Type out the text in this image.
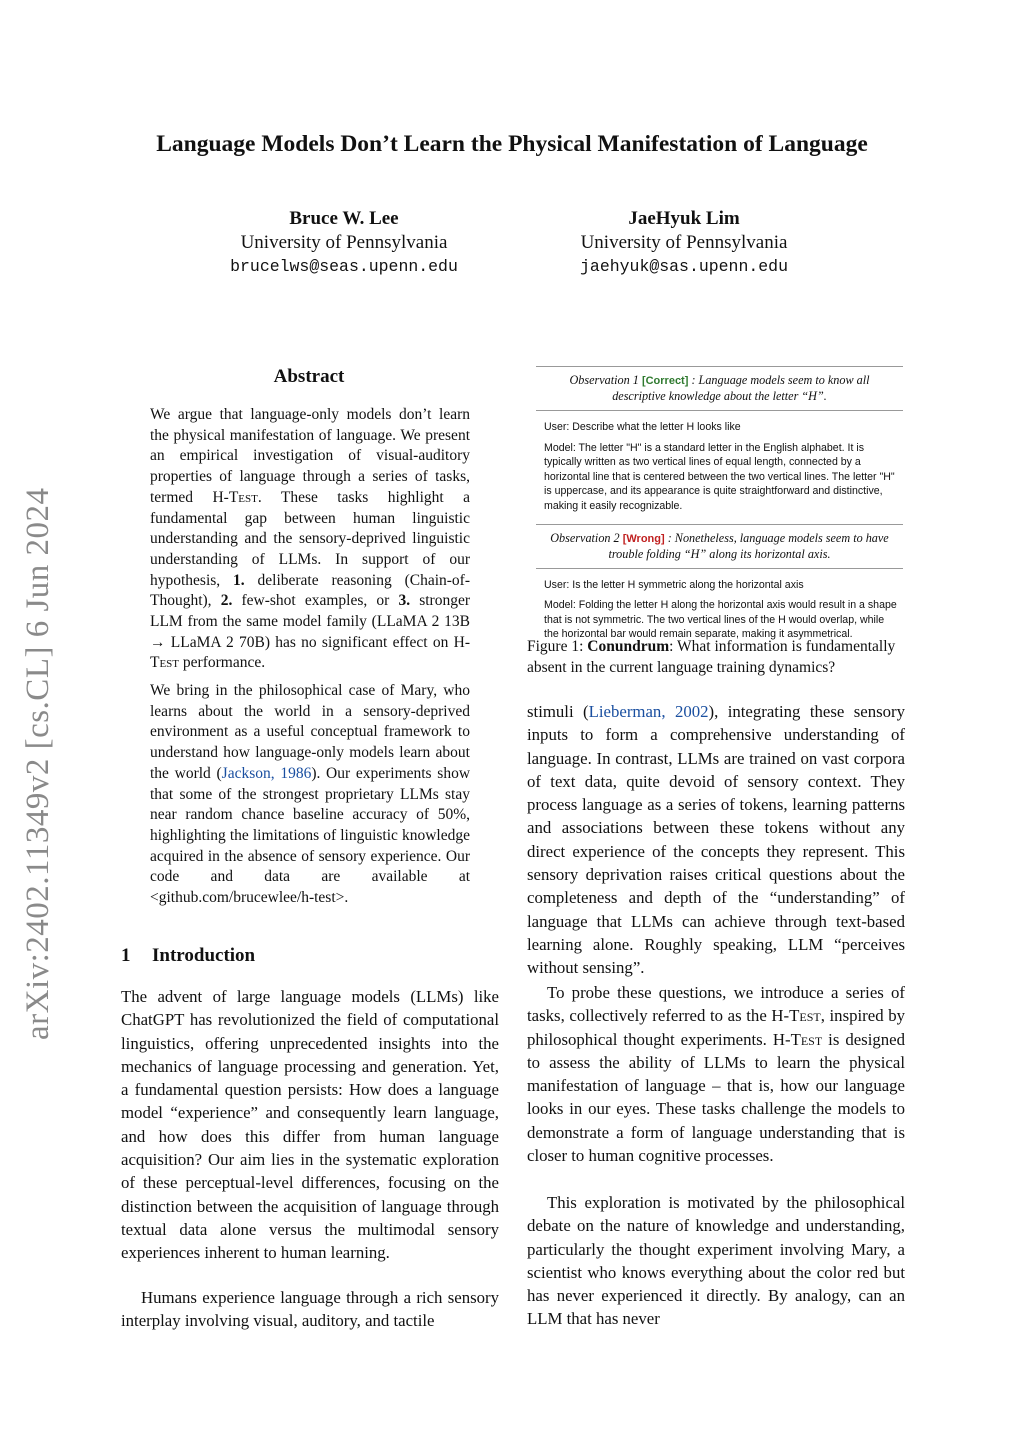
arXiv:2402.11349v2 [cs.CL] 6 Jun 2024
Language Models Don’t Learn the Physical Manifestation of Language
Bruce W. Lee
University of Pennsylvania
brucelws@seas.upenn.edu
JaeHyuk Lim
University of Pennsylvania
jaehyuk@sas.upenn.edu
Abstract

We argue that language-only models don’t learn the physical manifestation of language. We present an empirical investigation of visual-auditory properties of language through a series of tasks, termed H-Test. These tasks highlight a fundamental gap between human linguistic understanding and the sensory-deprived linguistic understanding of LLMs. In support of our hypothesis, 1. deliberate reasoning (Chain-of-Thought), 2. few-shot examples, or 3. stronger LLM from the same model family (LLaMA 2 13B → LLaMA 2 70B) has no significant effect on H-Test performance.

We bring in the philosophical case of Mary, who learns about the world in a sensory-deprived environment as a useful conceptual framework to understand how language-only models learn about the world (Jackson, 1986). Our experiments show that some of the strongest proprietary LLMs stay near random chance baseline accuracy of 50%, highlighting the limitations of linguistic knowledge acquired in the absence of sensory experience. Our code and data are available at <github.com/brucewlee/h-test>.

1 Introduction

The advent of large language models (LLMs) like ChatGPT has revolutionized the field of computational linguistics, offering unprecedented insights into the mechanics of language processing and generation. Yet, a fundamental question persists: How does a language model “experience” and consequently learn language, and how does this differ from human language acquisition? Our aim lies in the systematic exploration of these perceptual-level differences, focusing on the distinction between the acquisition of language through textual data alone versus the multimodal sensory experiences inherent to human learning.

Humans experience language through a rich sensory interplay involving visual, auditory, and tactile

Observation 1 [Correct] : Language models seem to know all descriptive knowledge about the letter “H”.
User: Describe what the letter H looks like
Model: The letter "H" is a standard letter in the English alphabet. It is typically written as two vertical lines of equal length, connected by a horizontal line that is centered between the two vertical lines. The letter "H" is uppercase, and its appearance is quite straightforward and distinctive, making it easily recognizable.
Observation 2 [Wrong] : Nonetheless, language models seem to have trouble folding “H” along its horizontal axis.
User: Is the letter H symmetric along the horizontal axis
Model: Folding the letter H along the horizontal axis would result in a shape that is not symmetric. The two vertical lines of the H would overlap, while the horizontal bar would remain separate, making it asymmetrical.

Figure 1: Conundrum: What information is fundamentally absent in the current language training dynamics?

stimuli (Lieberman, 2002), integrating these sensory inputs to form a comprehensive understanding of language. In contrast, LLMs are trained on vast corpora of text data, quite devoid of sensory context. They process language as a series of tokens, learning patterns and associations between these tokens without any direct experience of the concepts they represent. This sensory deprivation raises critical questions about the completeness and depth of the “understanding” of language that LLMs can achieve through text-based learning alone. Roughly speaking, LLM “perceives without sensing”.

To probe these questions, we introduce a series of tasks, collectively referred to as the H-Test, inspired by philosophical thought experiments. H-Test is designed to assess the ability of LLMs to learn the physical manifestation of language – that is, how our language looks in our eyes. These tasks challenge the models to demonstrate a form of language understanding that is closer to human cognitive processes.

This exploration is motivated by the philosophical debate on the nature of knowledge and understanding, particularly the thought experiment involving Mary, a scientist who knows everything about the color red but has never experienced it directly. By analogy, can an LLM that has never
